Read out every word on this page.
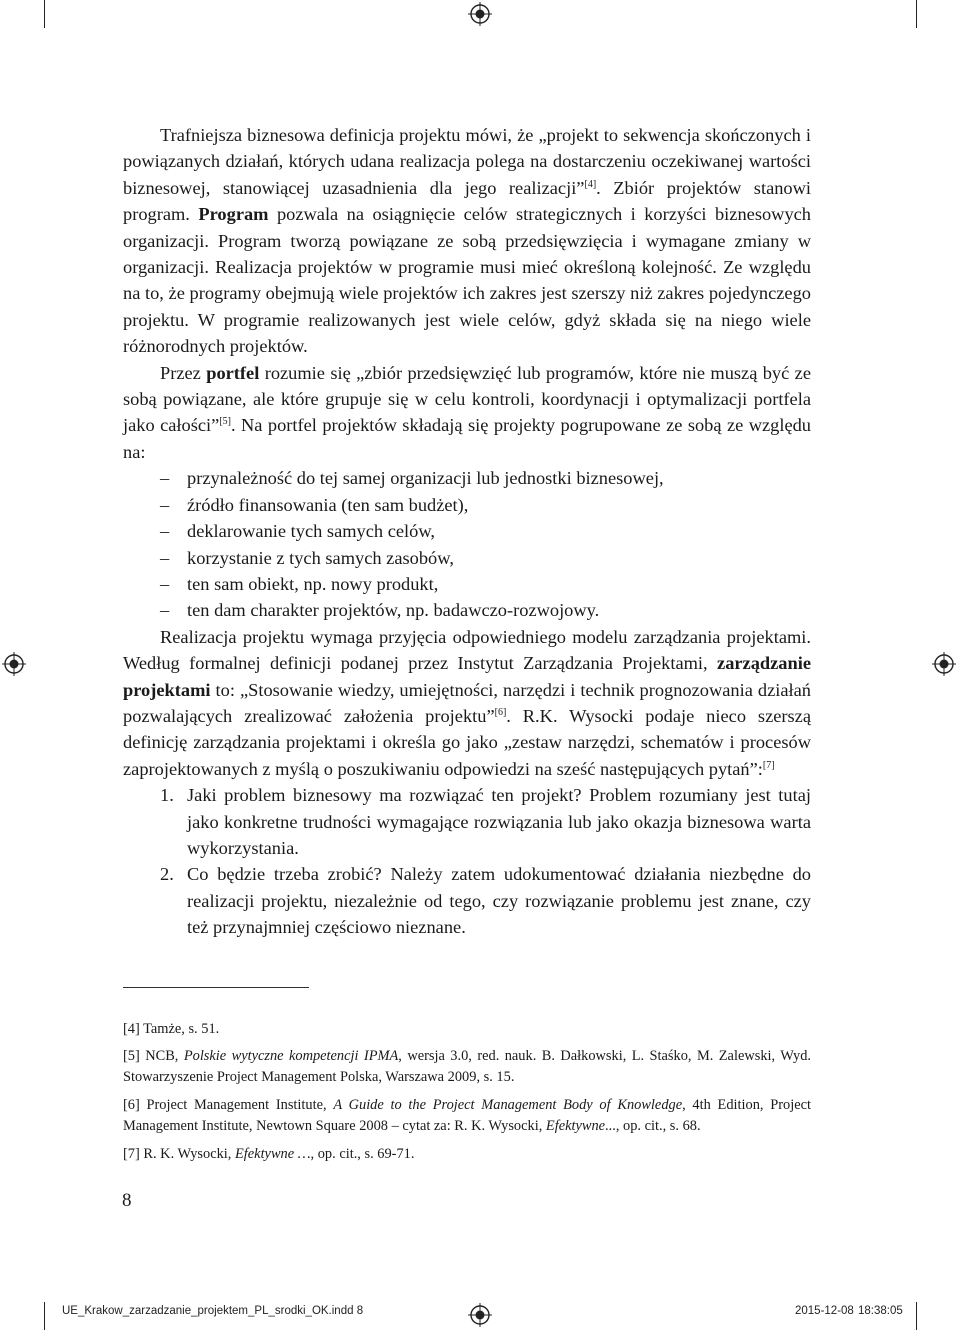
Trafniejsza biznesowa definicja projektu mówi, że „projekt to sekwencja skończonych i powiązanych działań, których udana realizacja polega na dostarczeniu oczekiwanej wartości biznesowej, stanowiącej uzasadnienia dla jego realizacji”[4]. Zbiór projektów stanowi program. Program pozwala na osiągnięcie celów strategicznych i korzyści biznesowych organizacji. Program tworzą powiązane ze sobą przedsięwzięcia i wymagane zmiany w organizacji. Realizacja projektów w programie musi mieć określoną kolejność. Ze względu na to, że programy obejmują wiele projektów ich zakres jest szerszy niż zakres pojedynczego projektu. W programie realizowanych jest wiele celów, gdyż składa się na niego wiele różnorodnych projektów.

Przez portfel rozumie się „zbiór przedsięwzięć lub programów, które nie muszą być ze sobą powiązane, ale które grupuje się w celu kontroli, koordynacji i optymalizacji portfela jako całości”[5]. Na portfel projektów składają się projekty pogrupowane ze sobą ze względu na:

– przynależność do tej samej organizacji lub jednostki biznesowej,
– źródło finansowania (ten sam budżet),
– deklarowanie tych samych celów,
– korzystanie z tych samych zasobów,
– ten sam obiekt, np. nowy produkt,
– ten dam charakter projektów, np. badawczo-rozwojowy.

Realizacja projektu wymaga przyjęcia odpowiedniego modelu zarządzania projektami. Według formalnej definicji podanej przez Instytut Zarządzania Projektami, zarządzanie projektami to: „Stosowanie wiedzy, umiejętności, narzędzi i technik prognozowania działań pozwalających zrealizować założenia projektu”[6]. R.K. Wysocki podaje nieco szerszą definicję zarządzania projektami i określa go jako „zestaw narzędzi, schematów i procesów zaprojektowanych z myślą o poszukiwaniu odpowiedzi na sześć następujących pytań”:[7]

1. Jaki problem biznesowy ma rozwiązać ten projekt? Problem rozumiany jest tutaj jako konkretne trudności wymagające rozwiązania lub jako okazja biznesowa warta wykorzystania.
2. Co będzie trzeba zrobić? Należy zatem udokumentować działania niezbędne do realizacji projektu, niezależnie od tego, czy rozwiązanie problemu jest znane, czy też przynajmniej częściowo nieznane.

[4] Tamże, s. 51.

[5] NCB, Polskie wytyczne kompetencji IPMA, wersja 3.0, red. nauk. B. Dałkowski, L. Staśko, M. Zalewski, Wyd. Stowarzyszenie Project Management Polska, Warszawa 2009, s. 15.

[6] Project Management Institute, A Guide to the Project Management Body of Knowledge, 4th Edition, Project Management Institute, Newtown Square 2008 – cytat za: R. K. Wysocki, Efektywne..., op. cit., s. 68.

[7] R. K. Wysocki, Efektywne …, op. cit., s. 69-71.

8
UE_Krakow_zarzadzanie_projektem_PL_srodki_OK.indd 8	2015-12-08 18:38:05
